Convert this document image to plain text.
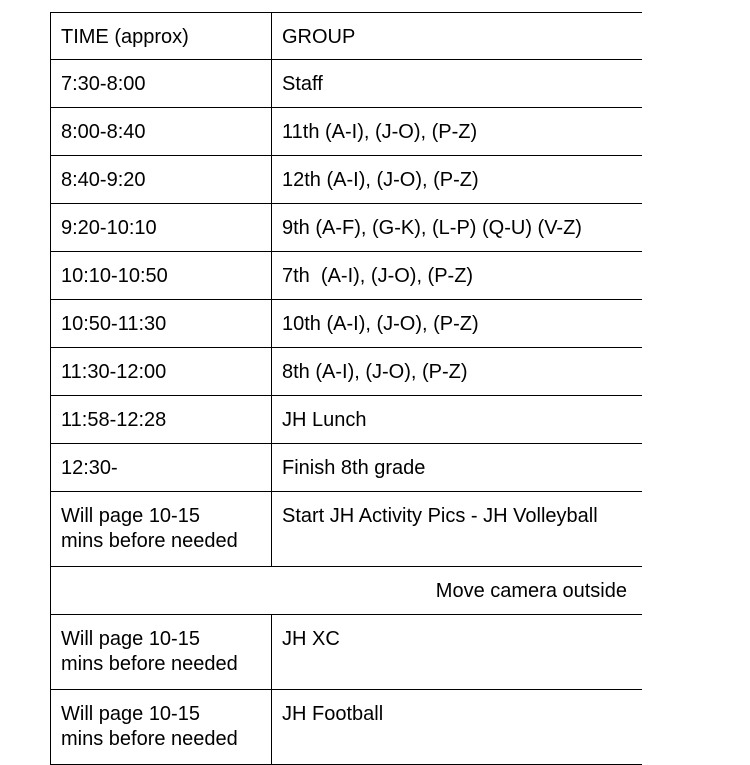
TIME (approx)	GROUP
7:30-8:00	Staff
8:00-8:40	11th (A-I), (J-O), (P-Z)
8:40-9:20	12th (A-I), (J-O), (P-Z)
9:20-10:10	9th (A-F), (G-K), (L-P) (Q-U) (V-Z)
10:10-10:50	7th  (A-I), (J-O), (P-Z)
10:50-11:30	10th (A-I), (J-O), (P-Z)
11:30-12:00	8th (A-I), (J-O), (P-Z)
11:58-12:28	JH Lunch
12:30-	Finish 8th grade

Will page 10-15
mins before needed	Start JH Activity Pics - JH Volleyball
Move camera outside	

Will page 10-15
mins before needed	JH XC

Will page 10-15
mins before needed	JH Football
